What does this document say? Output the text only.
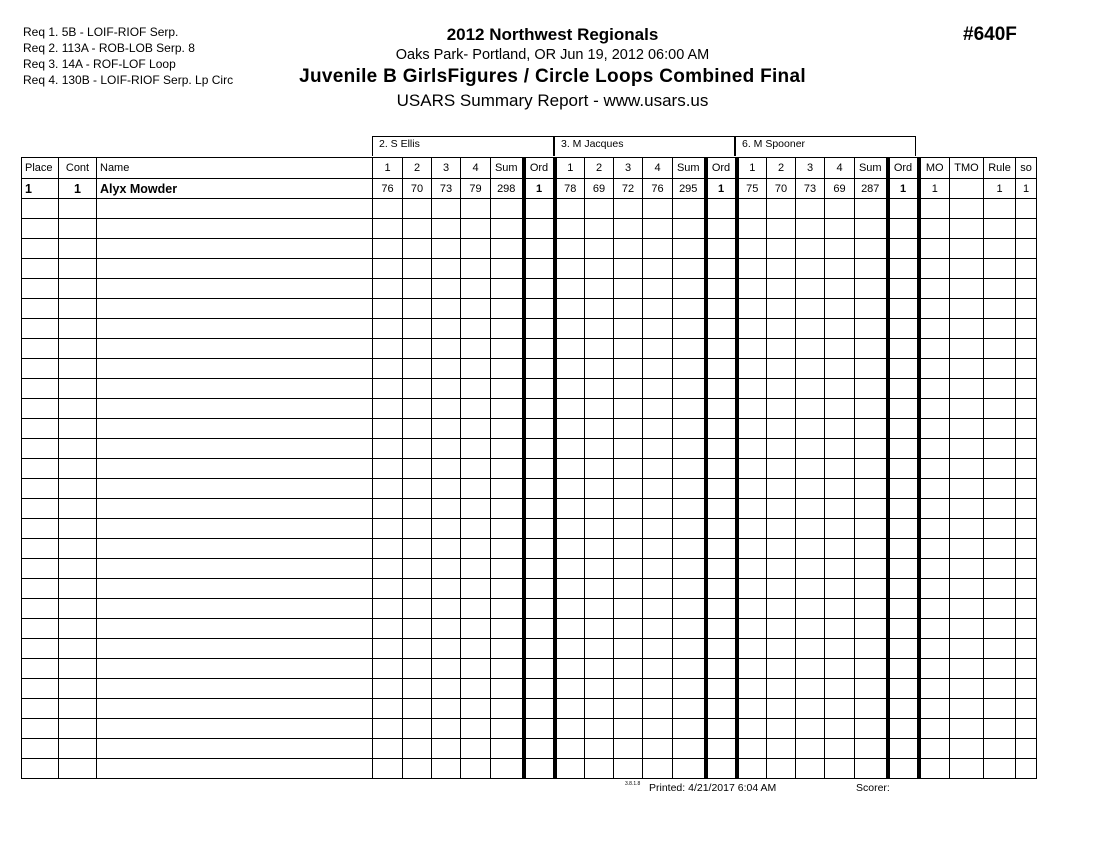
Req 1. 5B - LOIF-RIOF Serp.
Req 2. 113A - ROB-LOB Serp. 8
Req 3. 14A - ROF-LOF Loop
Req 4. 130B - LOIF-RIOF Serp. Lp Circ
2012 Northwest Regionals
Oaks Park- Portland, OR Jun 19, 2012 06:00 AM
Juvenile B GirlsFigures / Circle Loops Combined Final
USARS Summary Report - www.usars.us
#640F
2. S Ellis	3. M Jacques	6. M Spooner
Place	Cont	Name	1	2	3	4	Sum	Ord	1	2	3	4	Sum	Ord	1	2	3	4	Sum	Ord	MO	TMO	Rule	so
1	1	Alyx Mowder	76	70	73	79	298	1	78	69	72	76	295	1	75	70	73	69	287	1	1		1	1

3.8.1.8 Printed: 4/21/2017 6:04 AM	Scorer:
